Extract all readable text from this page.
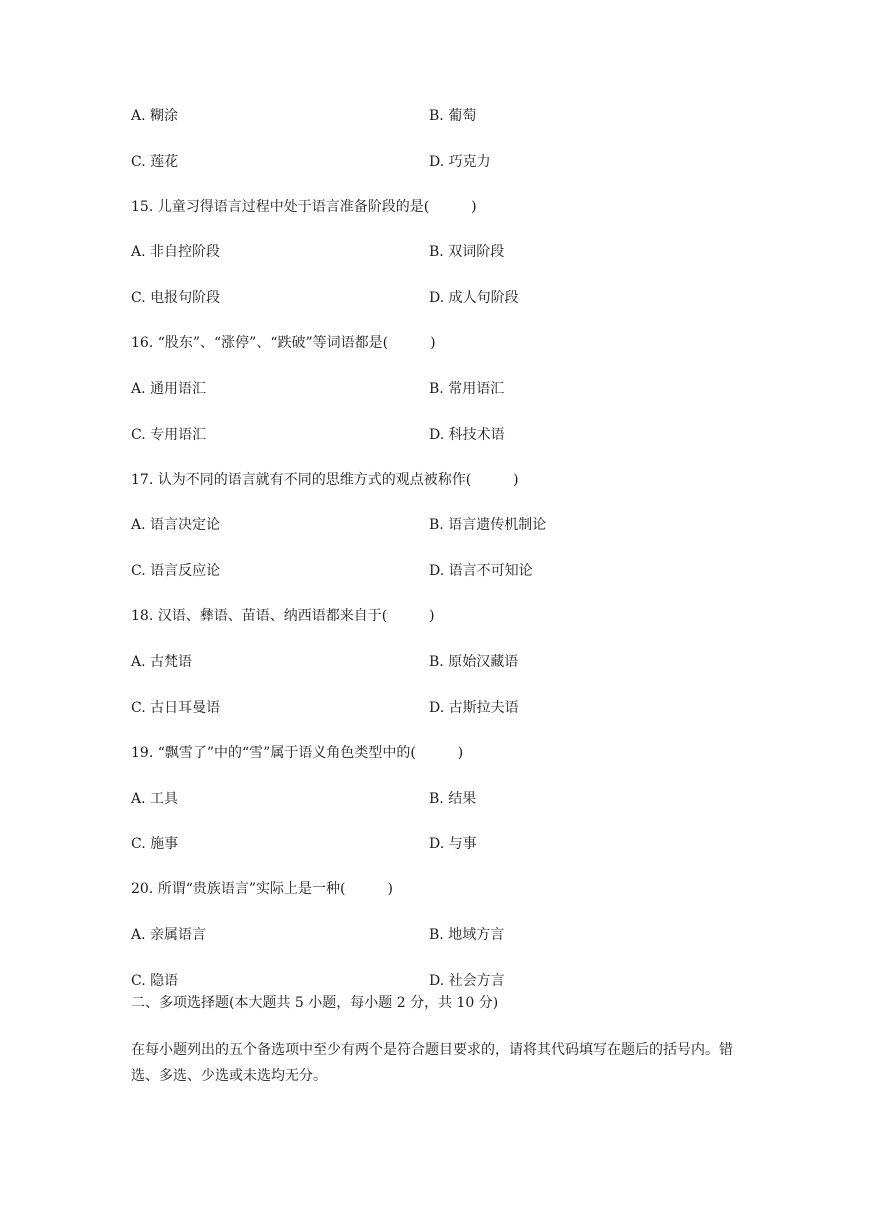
A. 糊涂	B. 葡萄
C. 莲花	D. 巧克力
15. 儿童习得语言过程中处于语言准备阶段的是(　　　)
A. 非自控阶段	B. 双词阶段
C. 电报句阶段	D. 成人句阶段
16. “股东”、“涨停”、“跌破”等词语都是(　　　)
A. 通用语汇	B. 常用语汇
C. 专用语汇	D. 科技术语
17. 认为不同的语言就有不同的思维方式的观点被称作(　　　)
A. 语言决定论	B. 语言遗传机制论
C. 语言反应论	D. 语言不可知论
18. 汉语、彝语、苗语、纳西语都来自于(　　　)
A. 古梵语	B. 原始汉藏语
C. 古日耳曼语	D. 古斯拉夫语
19. “飘雪了”中的“雪”属于语义角色类型中的(　　　)
A. 工具	B. 结果
C. 施事	D. 与事
20. 所谓“贵族语言”实际上是一种(　　　)
A. 亲属语言	B. 地域方言
C. 隐语	D. 社会方言
二、多项选择题(本大题共 5 小题，每小题 2 分，共 10 分)
在每小题列出的五个备选项中至少有两个是符合题目要求的，请将其代码填写在题后的括号内。错选、多选、少选或未选均无分。
